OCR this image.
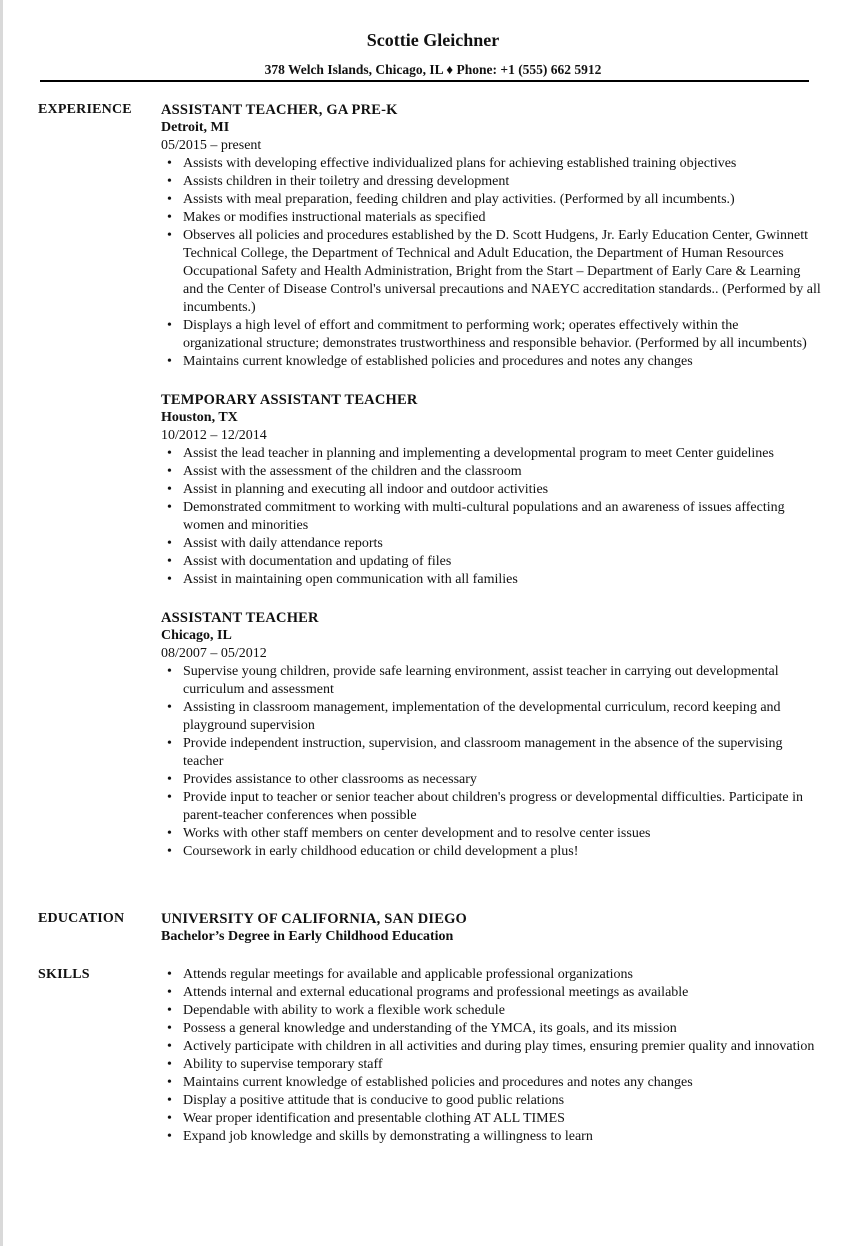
Scottie Gleichner
378 Welch Islands, Chicago, IL ♦ Phone: +1 (555) 662 5912
EXPERIENCE ASSISTANT TEACHER, GA PRE-K
Detroit, MI
05/2015 – present
• Assists with developing effective individualized plans for achieving established training objectives
• Assists children in their toiletry and dressing development
• Assists with meal preparation, feeding children and play activities. (Performed by all incumbents.)
• Makes or modifies instructional materials as specified
• Observes all policies and procedures established by the D. Scott Hudgens, Jr. Early Education Center, Gwinnett Technical College, the Department of Technical and Adult Education, the Department of Human Resources Occupational Safety and Health Administration, Bright from the Start – Department of Early Care & Learning and the Center of Disease Control's universal precautions and NAEYC accreditation standards.. (Performed by all incumbents.)
• Displays a high level of effort and commitment to performing work; operates effectively within the organizational structure; demonstrates trustworthiness and responsible behavior. (Performed by all incumbents)
• Maintains current knowledge of established policies and procedures and notes any changes
TEMPORARY ASSISTANT TEACHER
Houston, TX
10/2012 – 12/2014
• Assist the lead teacher in planning and implementing a developmental program to meet Center guidelines
• Assist with the assessment of the children and the classroom
• Assist in planning and executing all indoor and outdoor activities
• Demonstrated commitment to working with multi-cultural populations and an awareness of issues affecting women and minorities
• Assist with daily attendance reports
• Assist with documentation and updating of files
• Assist in maintaining open communication with all families
ASSISTANT TEACHER
Chicago, IL
08/2007 – 05/2012
• Supervise young children, provide safe learning environment, assist teacher in carrying out developmental curriculum and assessment
• Assisting in classroom management, implementation of the developmental curriculum, record keeping and playground supervision
• Provide independent instruction, supervision, and classroom management in the absence of the supervising teacher
• Provides assistance to other classrooms as necessary
• Provide input to teacher or senior teacher about children's progress or developmental difficulties. Participate in parent-teacher conferences when possible
• Works with other staff members on center development and to resolve center issues
• Coursework in early childhood education or child development a plus!
EDUCATION	UNIVERSITY OF CALIFORNIA, SAN DIEGO
Bachelor’s Degree in Early Childhood Education
SKILLS
•	Attends regular meetings for available and applicable professional organizations
• Attends internal and external educational programs and professional meetings as available
• Dependable with ability to work a flexible work schedule
• Possess a general knowledge and understanding of the YMCA, its goals, and its mission
• Actively participate with children in all activities and during play times, ensuring premier quality and innovation
• Ability to supervise temporary staff
• Maintains current knowledge of established policies and procedures and notes any changes
• Display a positive attitude that is conducive to good public relations
• Wear proper identification and presentable clothing AT ALL TIMES
• Expand job knowledge and skills by demonstrating a willingness to learn
